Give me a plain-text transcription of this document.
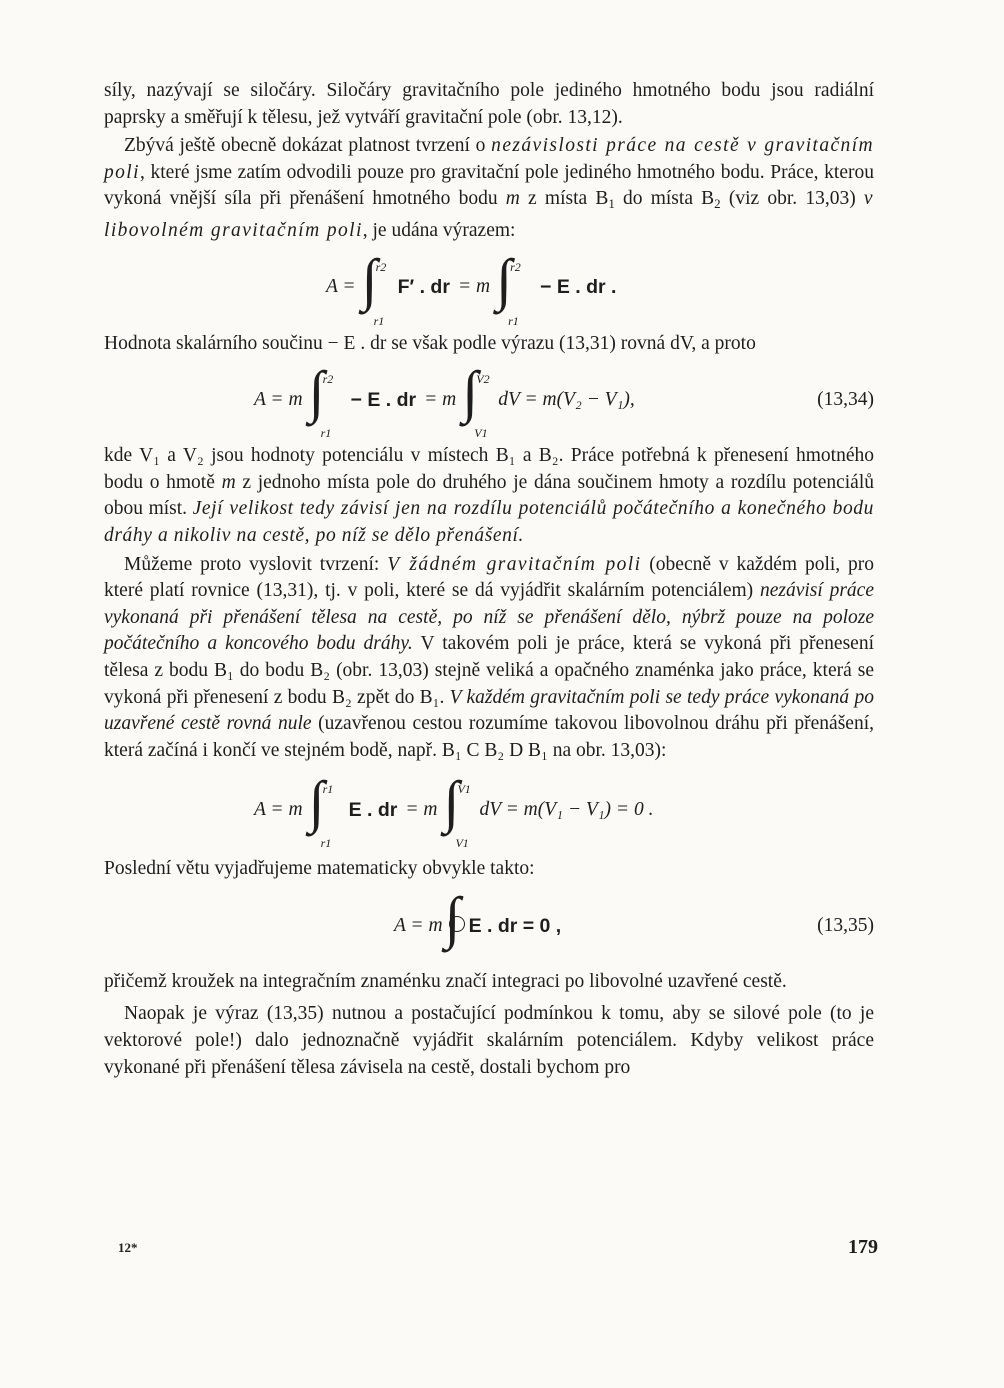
síly, nazývají se siločáry. Siločáry gravitačního pole jediného hmotného bodu jsou radiální paprsky a směřují k tělesu, jež vytváří gravitační pole (obr. 13,12).

Zbývá ještě obecně dokázat platnost tvrzení o nezávislosti práce na cestě v gravitačním poli, které jsme zatím odvodili pouze pro gravitační pole jediného hmotného bodu. Práce, kterou vykoná vnější síla při přenášení hmotného bodu m z místa $B_1$ do místa $B_2$ (viz obr. 13,03) v libovolném gravitačním poli, je udána výrazem:

A = ∫
r2
r1
F′ . dr = m ∫
r2
r1
− E . dr .

Hodnota skalárního součinu − E . dr se však podle výrazu (13,31) rovná dV, a proto

A = m ∫
r2
r1
− E . dr = m ∫
V2
V1
dV = m(V₂ − V₁),	(13,34)

kde V₁ a V₂ jsou hodnoty potenciálu v místech B₁ a B₂. Práce potřebná k přenesení hmotného bodu o hmotě m z jednoho místa pole do druhého je dána součinem hmoty a rozdílu potenciálů obou míst. Její velikost tedy závisí jen na rozdílu potenciálů počátečního a konečného bodu dráhy a nikoliv na cestě, po níž se dělo přenášení.

Můžeme proto vyslovit tvrzení: V žádném gravitačním poli (obecně v každém poli, pro které platí rovnice (13,31), tj. v poli, které se dá vyjádřit skalárním potenciálem) nezávisí práce vykonaná při přenášení tělesa na cestě, po níž se přenášení dělo, nýbrž pouze na poloze počátečního a koncového bodu dráhy. V takovém poli je práce, která se vykoná při přenesení tělesa z bodu B₁ do bodu B₂ (obr. 13,03) stejně veliká a opačného znaménka jako práce, která se vykoná při přenesení z bodu B₂ zpět do B₁. V každém gravitačním poli se tedy práce vykonaná po uzavřené cestě rovná nule (uzavřenou cestou rozumíme takovou libovolnou dráhu při přenášení, která začíná i končí ve stejném bodě, např. B₁ C B₂ D B₁ na obr. 13,03):

A = m ∫
r1
r1
E . dr = m ∫
V1
V1
dV = m(V₁ − V₁) = 0 .

Poslední větu vyjadřujeme matematicky obvykle takto:

A = m ∫ E . dr = 0 ,	(13,35)

přičemž kroužek na integračním znaménku značí integraci po libovolné uzavřené cestě.

Naopak je výraz (13,35) nutnou a postačující podmínkou k tomu, aby se silové pole (to je vektorové pole!) dalo jednoznačně vyjádřit skalárním potenciálem. Kdyby velikost práce vykonané při přenášení tělesa závisela na cestě, dostali bychom pro

12*	179
